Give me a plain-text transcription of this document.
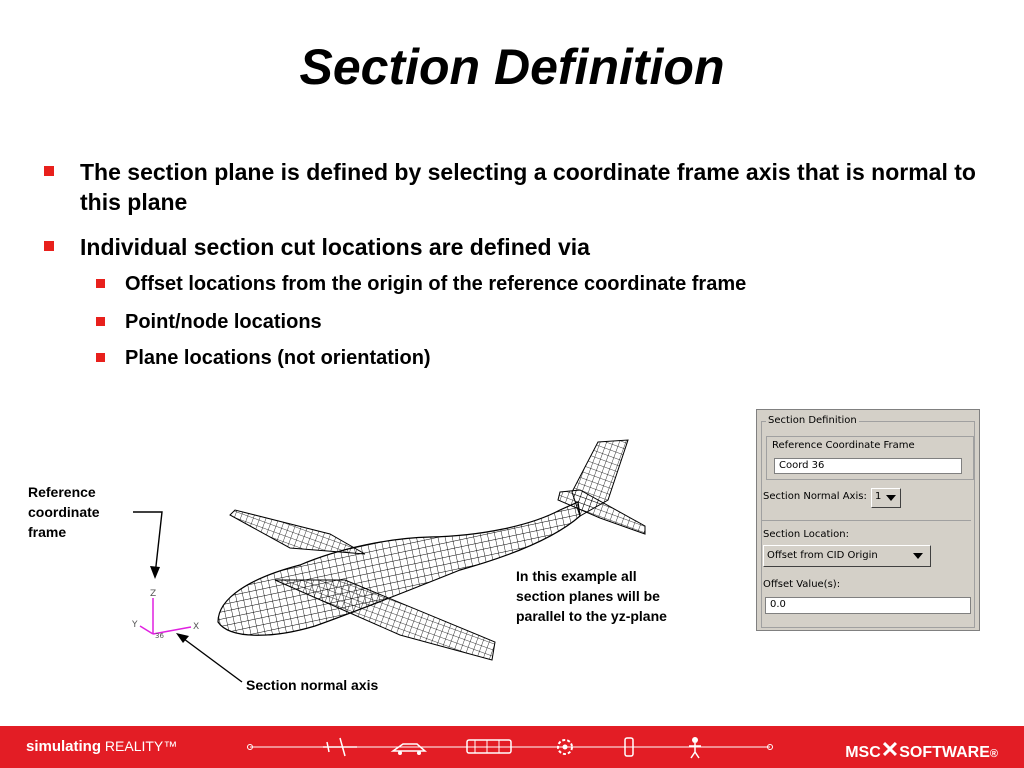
Section Definition
The section plane is defined by selecting a coordinate frame axis that is normal to this plane
Individual section cut locations are defined via
Offset locations from the origin of the reference coordinate frame
Point/node locations
Plane locations (not orientation)
Reference coordinate frame
Section normal axis
In this example all section planes will be parallel to the yz-plane
Z
Y	X
36
Section Definition
Reference Coordinate Frame
Coord 36
Section Normal Axis: 1
Section Location:
Offset from CID Origin
Offset Value(s):
0.0
simulating REALITY™	MSC✕SOFTWARE®
